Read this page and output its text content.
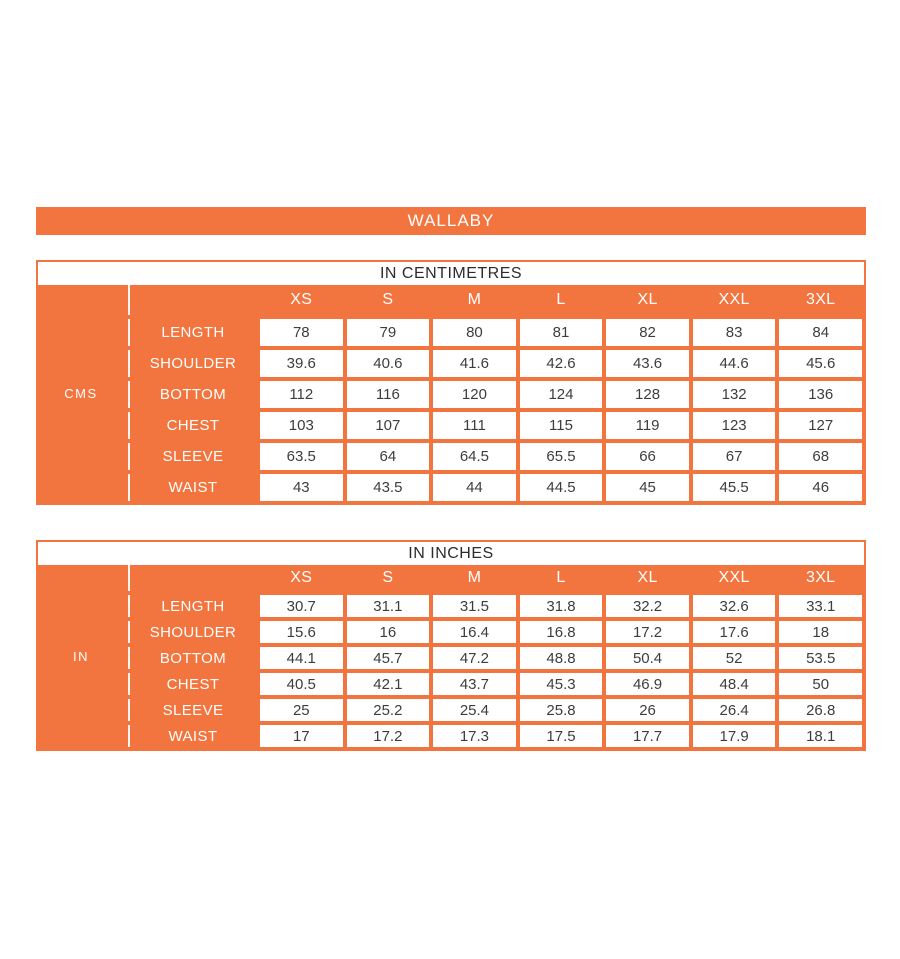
WALLABY
IN CENTIMETRES
CMS
XS	S	M	L	XL	XXL	3XL
LENGTH	78	79	80	81	82	83	84
SHOULDER	39.6	40.6	41.6	42.6	43.6	44.6	45.6
BOTTOM	112	116	120	124	128	132	136
CHEST	103	107	111	115	119	123	127
SLEEVE	63.5	64	64.5	65.5	66	67	68
WAIST	43	43.5	44	44.5	45	45.5	46
IN INCHES
IN
XS	S	M	L	XL	XXL	3XL
LENGTH	30.7	31.1	31.5	31.8	32.2	32.6	33.1
SHOULDER	15.6	16	16.4	16.8	17.2	17.6	18
BOTTOM	44.1	45.7	47.2	48.8	50.4	52	53.5
CHEST	40.5	42.1	43.7	45.3	46.9	48.4	50
SLEEVE	25	25.2	25.4	25.8	26	26.4	26.8
WAIST	17	17.2	17.3	17.5	17.7	17.9	18.1
